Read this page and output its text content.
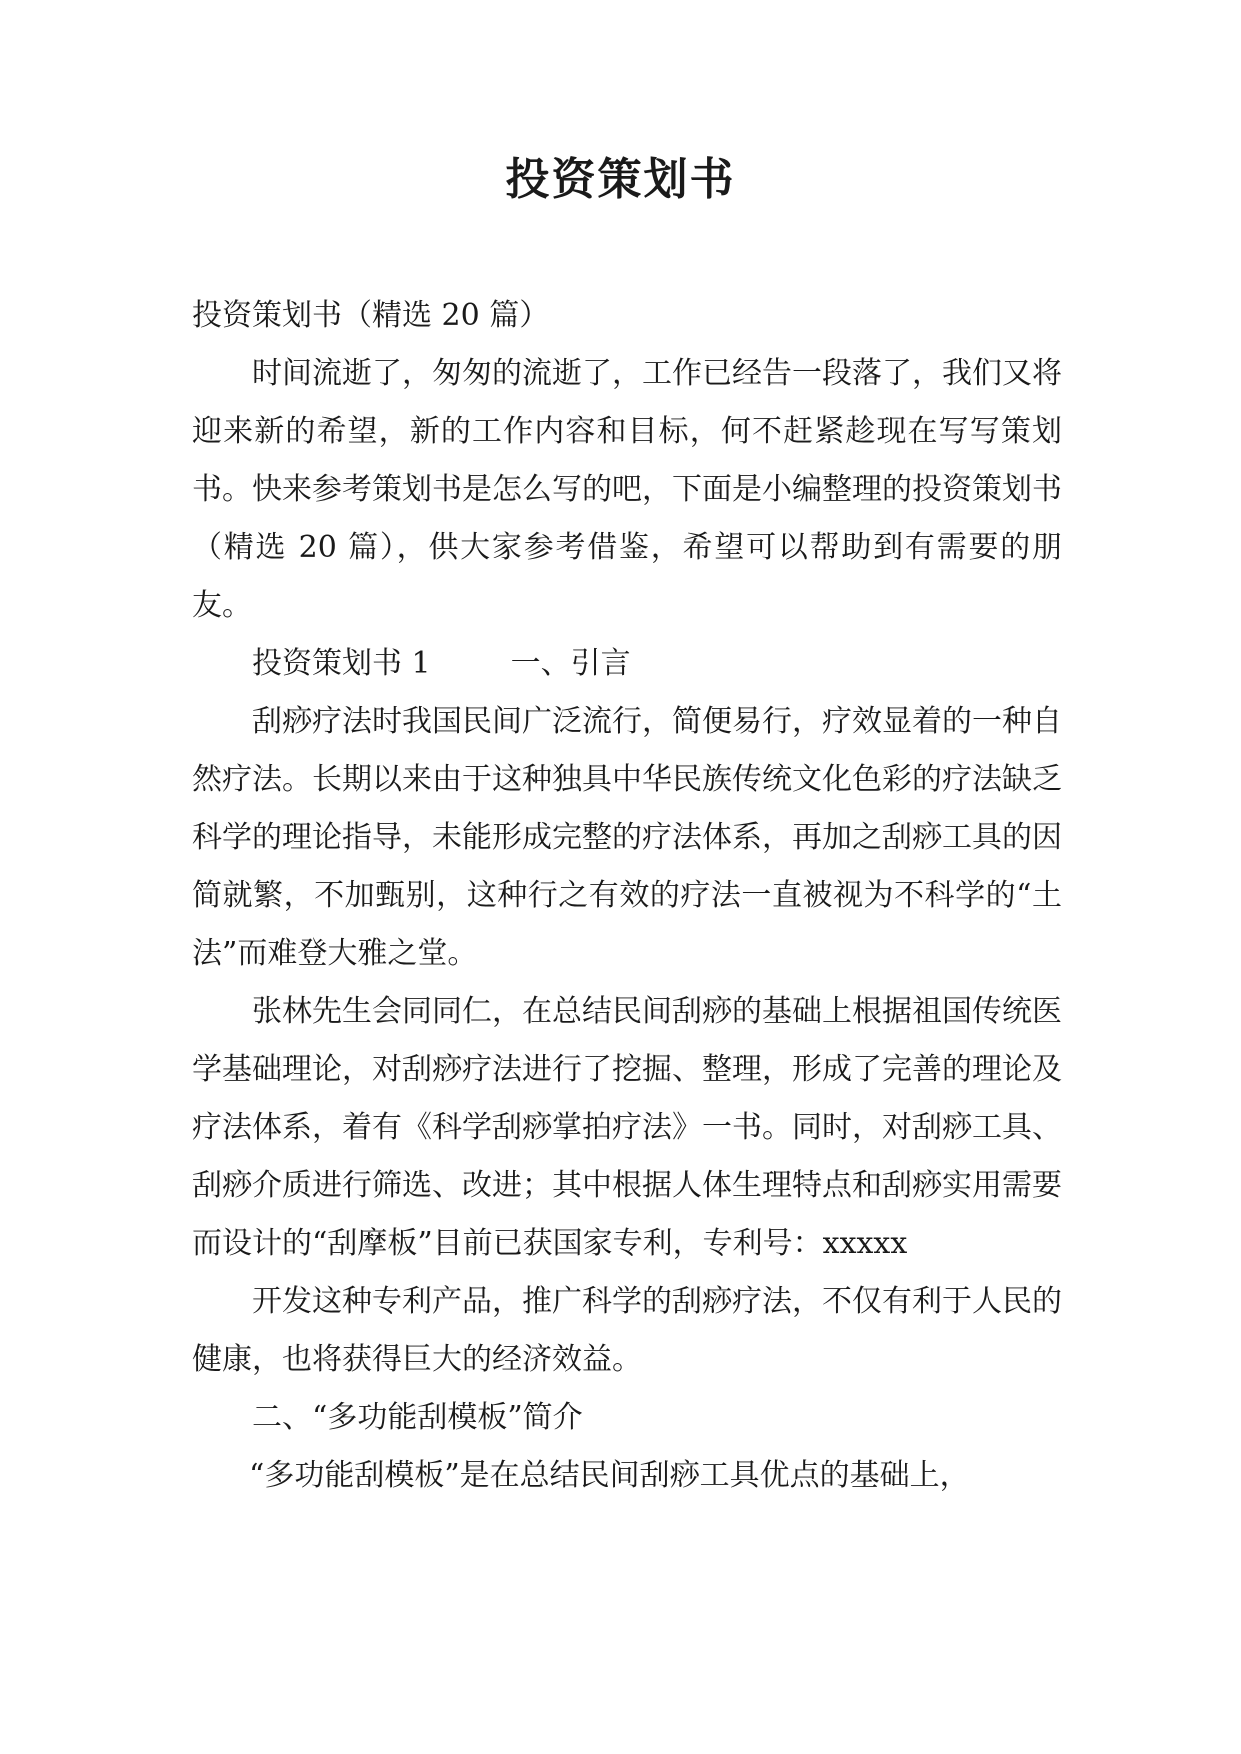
投资策划书

投资策划书（精选 20 篇）

时间流逝了，匆匆的流逝了，工作已经告一段落了，我们又将迎来新的希望，新的工作内容和目标，何不赶紧趁现在写写策划书。快来参考策划书是怎么写的吧，下面是小编整理的投资策划书（精选 20 篇），供大家参考借鉴，希望可以帮助到有需要的朋友。

投资策划书 1	一、引言

刮痧疗法时我国民间广泛流行，简便易行，疗效显着的一种自然疗法。长期以来由于这种独具中华民族传统文化色彩的疗法缺乏科学的理论指导，未能形成完整的疗法体系，再加之刮痧工具的因简就繁，不加甄别，这种行之有效的疗法一直被视为不科学的“土法”而难登大雅之堂。

张林先生会同同仁，在总结民间刮痧的基础上根据祖国传统医学基础理论，对刮痧疗法进行了挖掘、整理，形成了完善的理论及疗法体系，着有《科学刮痧掌拍疗法》一书。同时，对刮痧工具、刮痧介质进行筛选、改进；其中根据人体生理特点和刮痧实用需要而设计的“刮摩板”目前已获国家专利，专利号：xxxxx

开发这种专利产品，推广科学的刮痧疗法，不仅有利于人民的健康，也将获得巨大的经济效益。

二、“多功能刮模板”简介

“多功能刮模板”是在总结民间刮痧工具优点的基础上，
